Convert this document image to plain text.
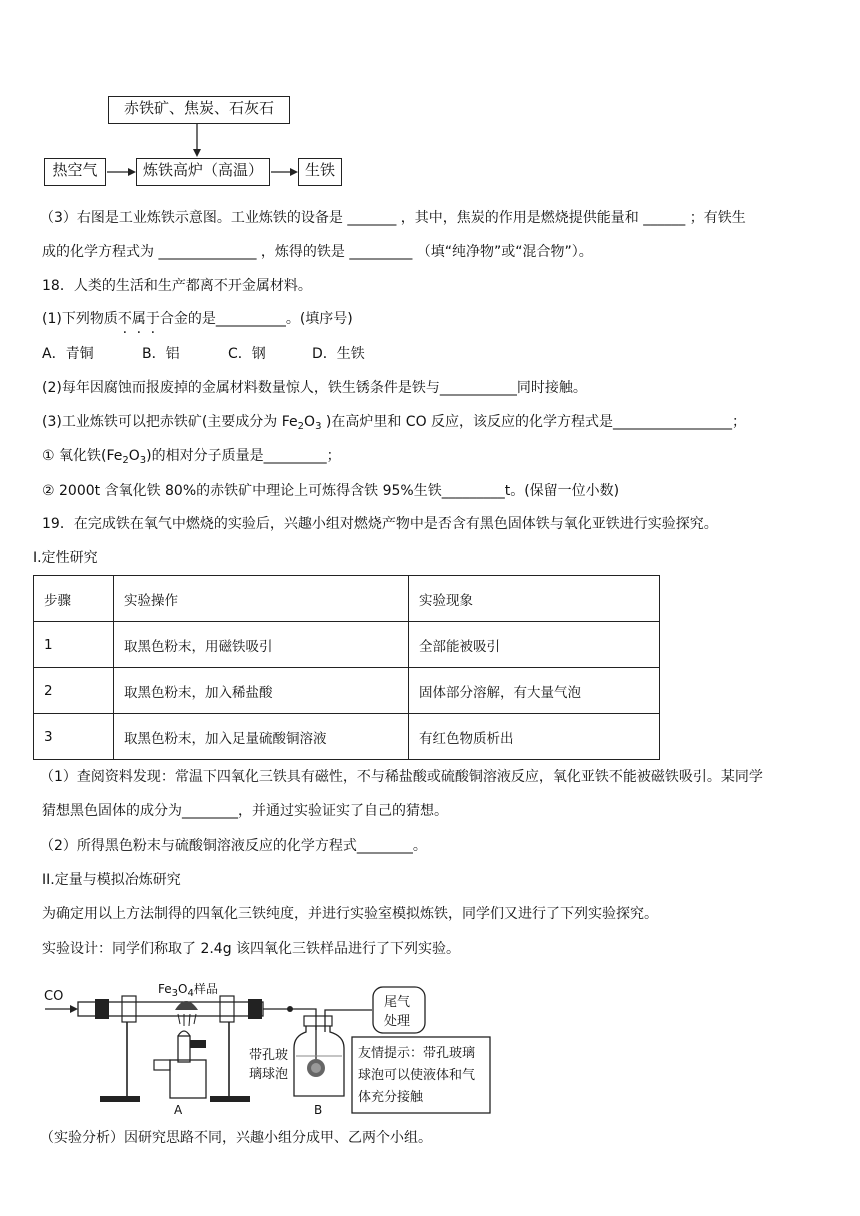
赤铁矿、焦炭、石灰石
热空气	炼铁高炉（高温）	生铁
（3）右图是工业炼铁示意图。工业炼铁的设备是 _______ ，其中，焦炭的作用是燃烧提供能量和 ______ ；有铁生
成的化学方程式为 ______________ ，炼得的铁是 _________ （填“纯净物”或“混合物”）。
18．人类的生活和生产都离不开金属材料。
(1)下列物质不属于合金的是__________。(填序号)
A．青铜	B．铝	C．钢	D．生铁
(2)每年因腐蚀而报废掉的金属材料数量惊人，铁生锈条件是铁与___________同时接触。
(3)工业炼铁可以把赤铁矿(主要成分为 $Fe_2O_3$ )在高炉里和 CO 反应，该反应的化学方程式是_________________；
① 氧化铁$(Fe_2O_3)$的相对分子质量是_________；
② 2000t 含氧化铁 80%的赤铁矿中理论上可炼得含铁 95%生铁_________t。(保留一位小数)
19．在完成铁在氧气中燃烧的实验后，兴趣小组对燃烧产物中是否含有黑色固体铁与氧化亚铁进行实验探究。
I.定性研究
步骤	实验操作	实验现象
1	取黑色粉末，用磁铁吸引	全部能被吸引
2	取黑色粉末，加入稀盐酸	固体部分溶解，有大量气泡
3	取黑色粉末，加入足量硫酸铜溶液	有红色物质析出
（1）查阅资料发现：常温下四氧化三铁具有磁性，不与稀盐酸或硫酸铜溶液反应，氧化亚铁不能被磁铁吸引。某同学
猜想黑色固体的成分为________，并通过实验证实了自己的猜想。
（2）所得黑色粉末与硫酸铜溶液反应的化学方程式________。
II.定量与模拟冶炼研究
为确定用以上方法制得的四氧化三铁纯度，并进行实验室模拟炼铁，同学们又进行了下列实验探究。
实验设计：同学们称取了 2.4g 该四氧化三铁样品进行了下列实验。
CO	$Fe_3O_4$样品
带孔玻
璃球泡
尾气
处理
友情提示：带孔玻璃
球泡可以使液体和气
体充分接触
A	B
（实验分析）因研究思路不同，兴趣小组分成甲、乙两个小组。
